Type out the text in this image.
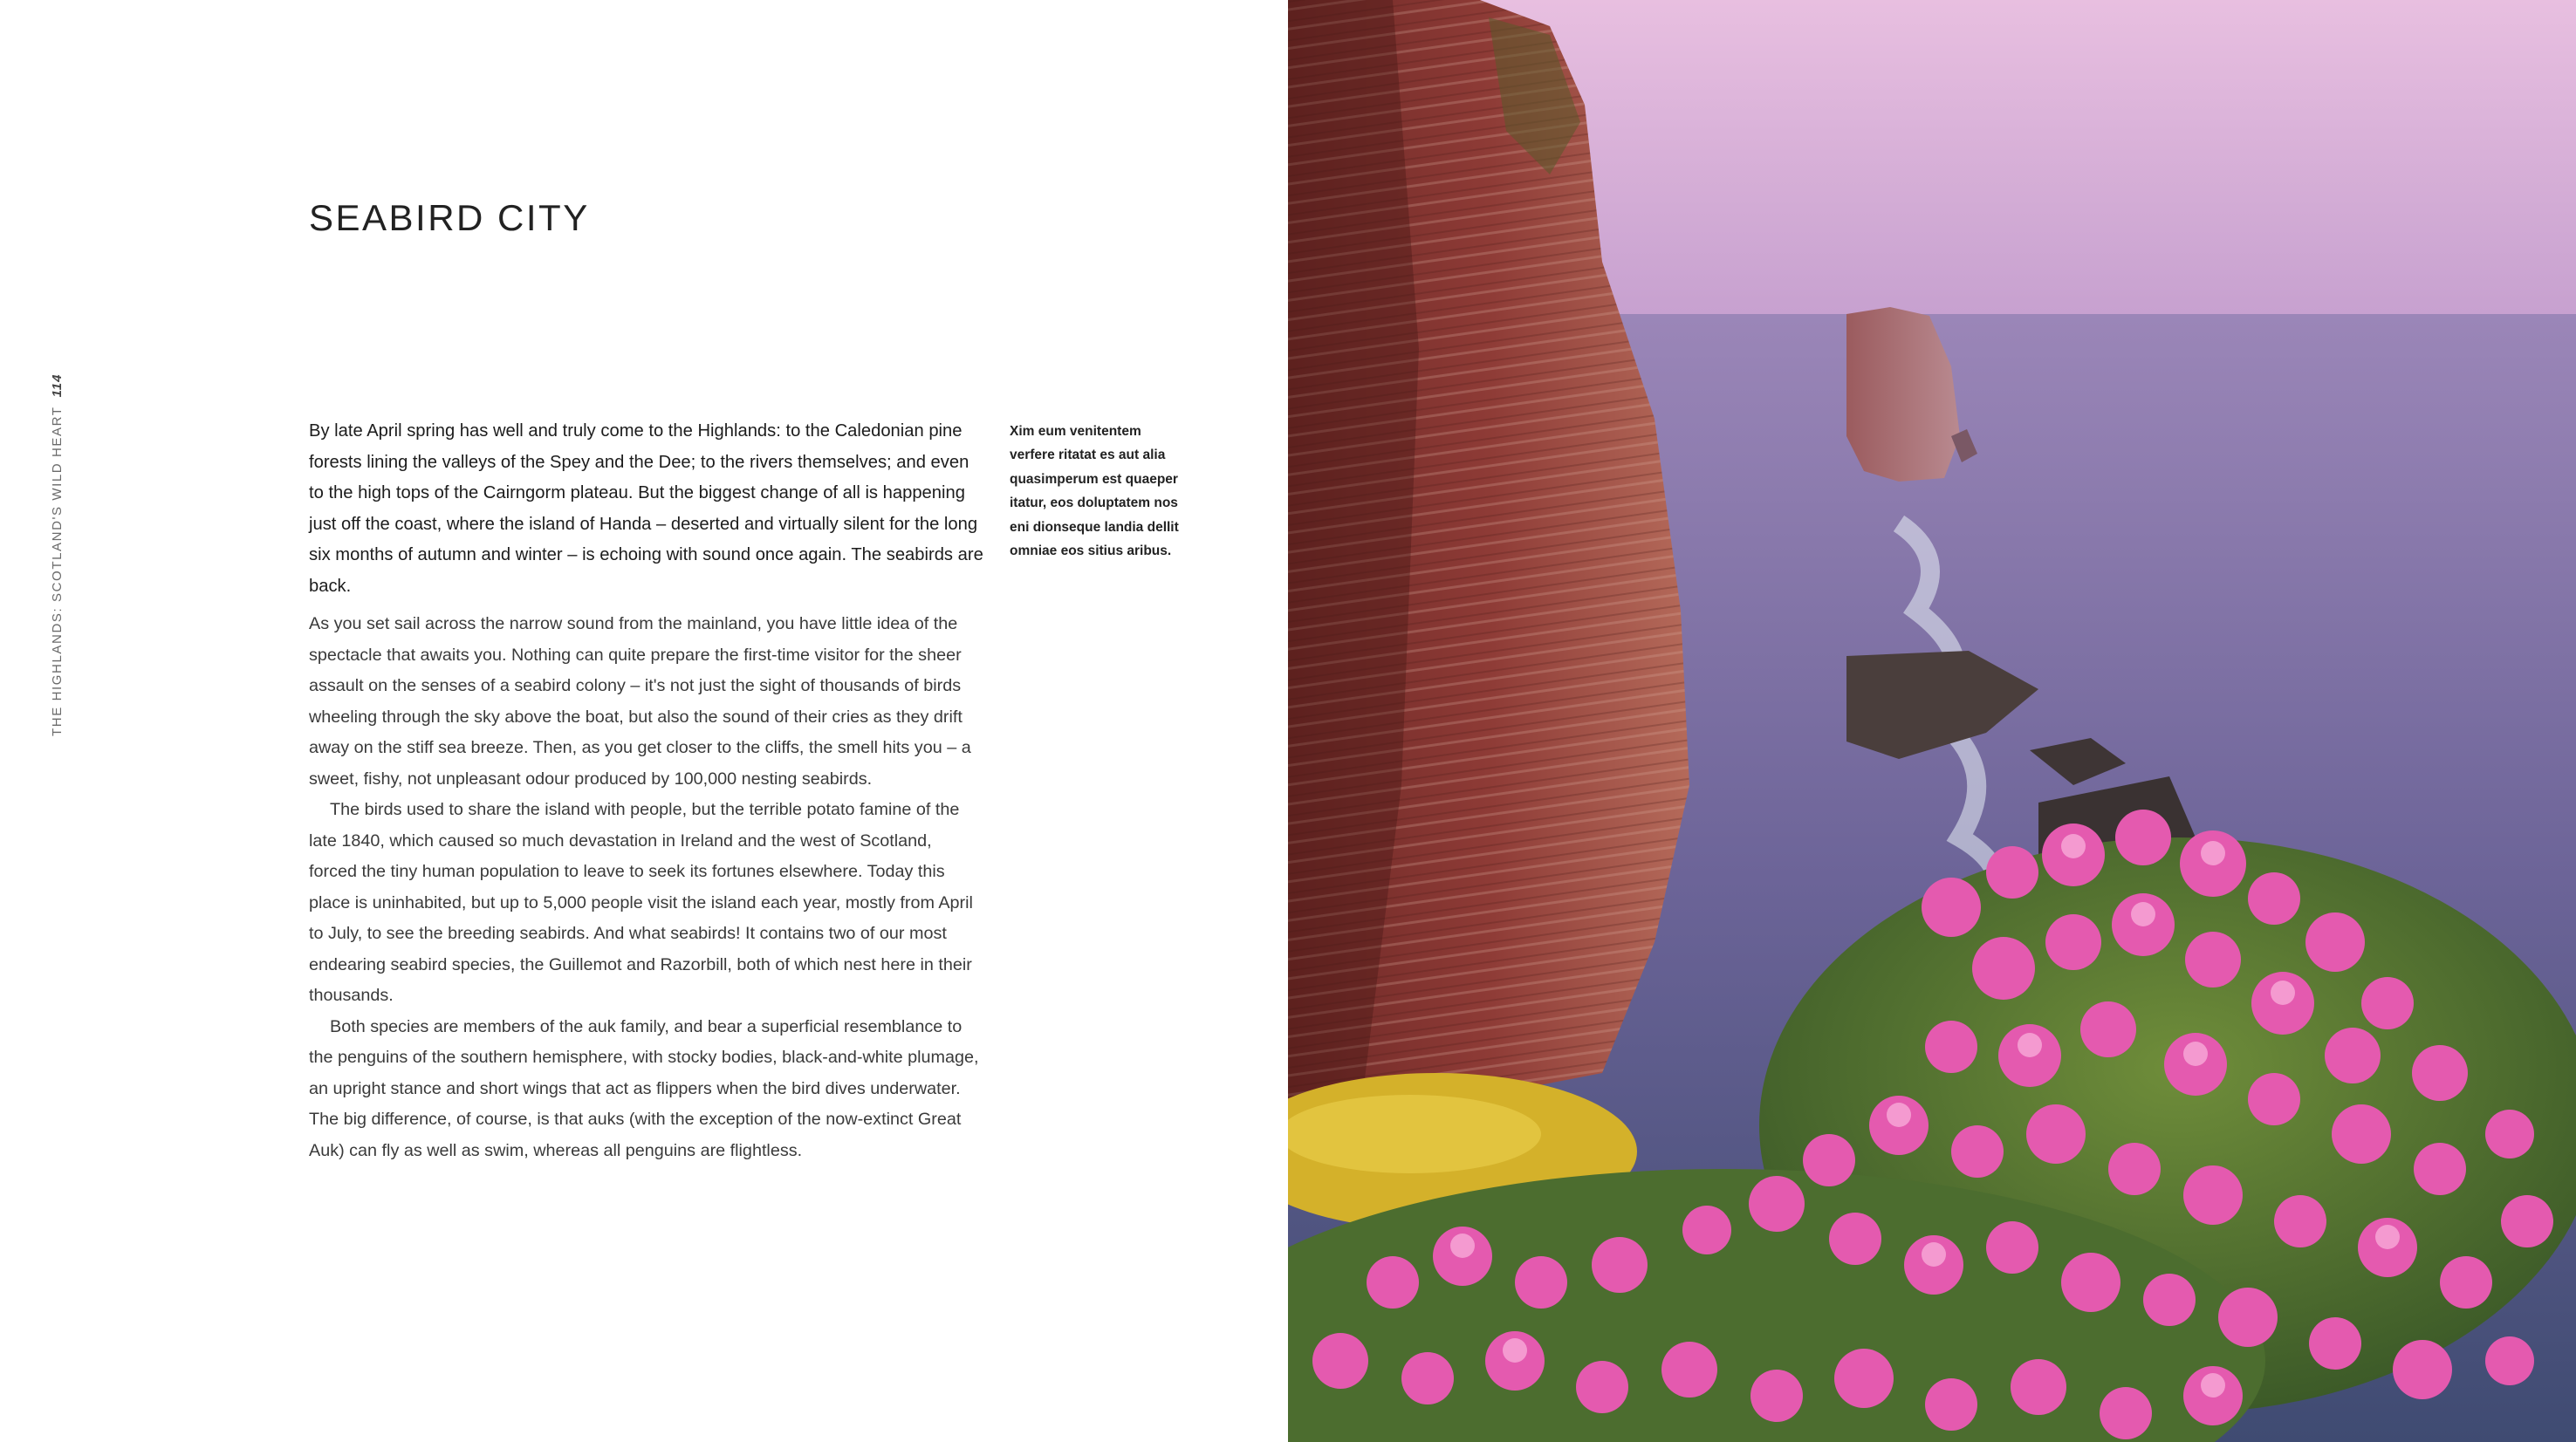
THE HIGHLANDS: SCOTLAND'S WILD HEART114
SEABIRD CITY

By late April spring has well and truly come to the Highlands: to the Caledonian pine forests lining the valleys of the Spey and the Dee; to the rivers themselves; and even to the high tops of the Cairngorm plateau. But the biggest change of all is happening just off the coast, where the island of Handa – deserted and virtually silent for the long six months of autumn and winter – is echoing with sound once again. The seabirds are back.

As you set sail across the narrow sound from the mainland, you have little idea of the spectacle that awaits you. Nothing can quite prepare the first-time visitor for the sheer assault on the senses of a seabird colony – it's not just the sight of thousands of birds wheeling through the sky above the boat, but also the sound of their cries as they drift away on the stiff sea breeze. Then, as you get closer to the cliffs, the smell hits you – a sweet, fishy, not unpleasant odour produced by 100,000 nesting seabirds.

The birds used to share the island with people, but the terrible potato famine of the late 1840, which caused so much devastation in Ireland and the west of Scotland, forced the tiny human population to leave to seek its fortunes elsewhere. Today this place is uninhabited, but up to 5,000 people visit the island each year, mostly from April to July, to see the breeding seabirds. And what seabirds! It contains two of our most endearing seabird species, the Guillemot and Razorbill, both of which nest here in their thousands.

Both species are members of the auk family, and bear a superficial resemblance to the penguins of the southern hemisphere, with stocky bodies, black-and-white plumage, an upright stance and short wings that act as flippers when the bird dives underwater. The big difference, of course, is that auks (with the exception of the now-extinct Great Auk) can fly as well as swim, whereas all penguins are flightless.

Xim eum venitentem verfere ritatat es aut alia quasimperum est quaeper itatur, eos doluptatem nos eni dionseque landia dellit omniae eos sitius aribus.
